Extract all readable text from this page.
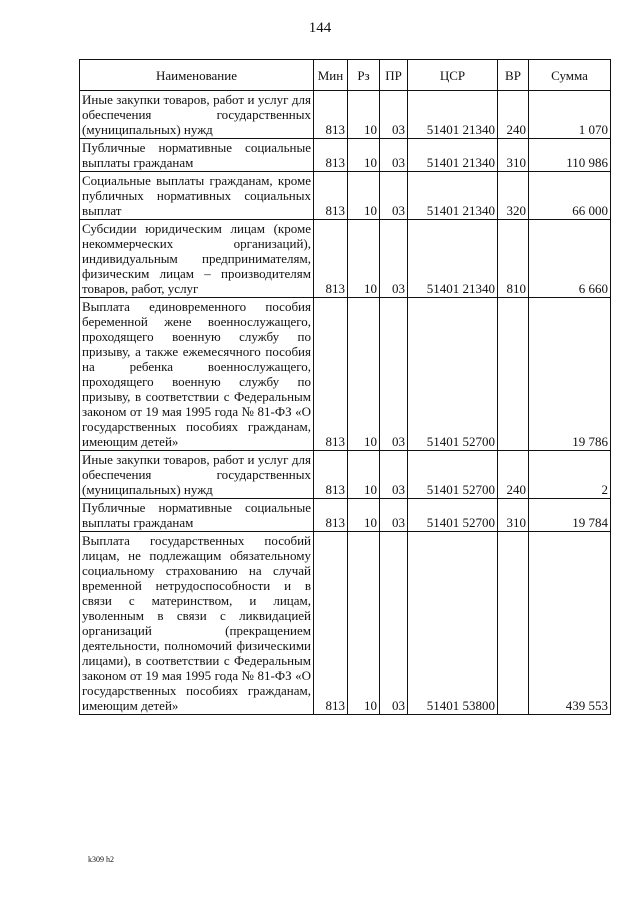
144
Наименование	Мин	Рз	ПР	ЦСР	ВР	Сумма
Иные закупки товаров, работ и услуг для обеспечения государственных (муниципальных) нужд	813	10	03	51401 21340	240	1 070
Публичные нормативные социальные выплаты гражданам	813	10	03	51401 21340	310	110 986
Социальные выплаты гражданам, кроме публичных нормативных социальных выплат	813	10	03	51401 21340	320	66 000
Субсидии юридическим лицам (кроме некоммерческих организаций), индивидуальным предпринимателям, физическим лицам – производителям товаров, работ, услуг	813	10	03	51401 21340	810	6 660
Выплата единовременного пособия беременной жене военнослужащего, проходящего военную службу по призыву, а также ежемесячного пособия на ребенка военнослужащего, проходящего военную службу по призыву, в соответствии с Федеральным законом от 19 мая 1995 года № 81-ФЗ «О государственных пособиях гражданам, имеющим детей»	813	10	03	51401 52700		19 786
Иные закупки товаров, работ и услуг для обеспечения государственных (муниципальных) нужд	813	10	03	51401 52700	240	2
Публичные нормативные социальные выплаты гражданам	813	10	03	51401 52700	310	19 784
Выплата государственных пособий лицам, не подлежащим обязательному социальному страхованию на случай временной нетрудоспособности и в связи с материнством, и лицам, уволенным в связи с ликвидацией организаций (прекращением деятельности, полномочий физическими лицами), в соответствии с Федеральным законом от 19 мая 1995 года № 81-ФЗ «О государственных пособиях гражданам, имеющим детей»	813	10	03	51401 53800		439 553
k309 h2
